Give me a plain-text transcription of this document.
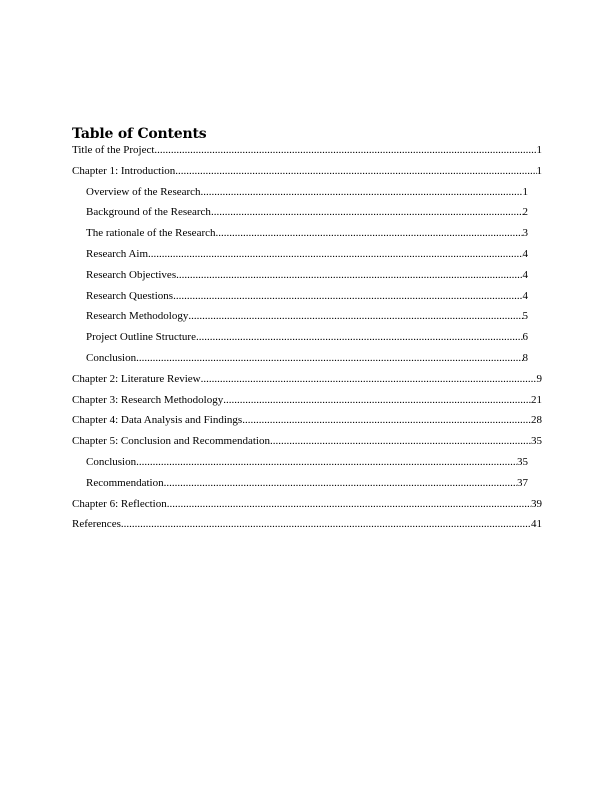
Table of Contents
Title of the Project .....	1
Chapter 1: Introduction .....	1
Overview of the Research .....	1
Background of the Research .....	2
The rationale of the Research .....	3
Research Aim .....	4
Research Objectives .....	4
Research Questions .....	4
Research Methodology .....	5
Project Outline Structure .....	6
Conclusion .....	8
Chapter 2: Literature Review .....	9
Chapter 3: Research Methodology .....	21
Chapter 4: Data Analysis and Findings .....	28
Chapter 5: Conclusion and Recommendation .....	35
Conclusion .....	35
Recommendation .....	37
Chapter 6: Reflection .....	39
References .....	41
